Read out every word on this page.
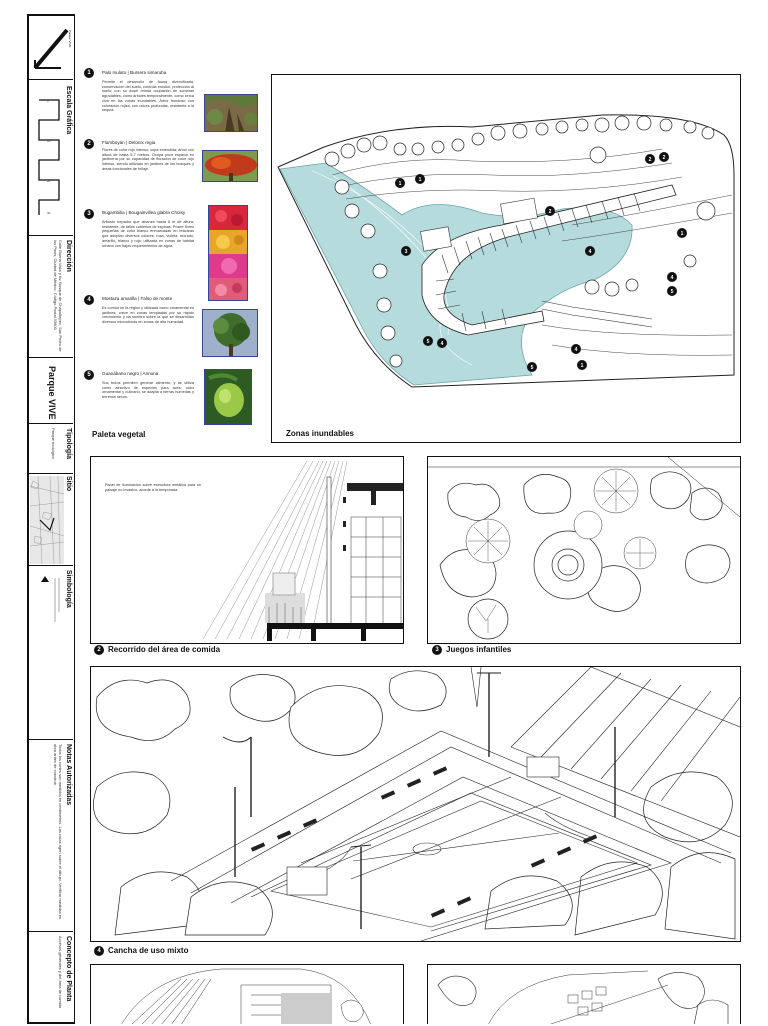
Parque VIVE
0
10
20
30
Escala Gráfica
Dirección
Calle Buena Vista y Av. Bosque de Chapultepec, San Pedro de los Pinos, Ciudad de México. Código Postal 03800
Parque VIVE
Tipología
Parque ecológico
Sitio
Simbología
Notas Autorizadas
Todos los cortes son medidos en centímetros. Las cotas rigen sobre el dibujo. Verificar medidas en obra antes de construir.
Concepto de Planta
Accesos generales y del área de comida
1	Palo mulato | Bursera simaruba
Permite el desarrollo de fauna diversificada, conservación del suelo, controla erosión, protección al suelo; con su dosel brinda ocupación de sombras agradables, como árboles temporalmente, como cerca viva en las zonas inundables. Árbol frondoso con coloración rojiza, con raíces profundas, resistente a la sequía.
2	Flamboyán | Delonix regia
Flores de color rojo intenso; copa extendida; árbol con altura de hasta 5-7 metros. Ocupa poco espacio en jardinería por su capacidad de floración de color rojo intenso, siendo utilizado en jardines de los bosques y áreas funcionales de follaje.
3	Bugambilia | Bougainvillea glabra Choisy
Arbusto trepador que alcanza hasta 8 m de altura; resistente, de tallos cubiertos de espinas. Posee flores pequeñas de color blanco enmarcadas en brácteas que adoptan diversos colores: rosa, violeta, morado, amarillo, blanco y rojo; utilizada en zonas de hábitat urbano con bajos requerimientos de agua.
4	Mostaza amarilla | Falso de monte
Es común en la región y utilizada como ornamental en jardines; crece en zonas templadas por su rápido crecimiento y da sombra sobre la que se desarrollan diversos microclimas en zonas de alta humedad.
5	Guanábano negro | Annona
Sus frutos permiten generar alimento, y se utiliza como atractivo de especies para aves; valor ornamental y culinario; se adapta a tierras húmedas y terrenos secos.
Paleta vegetal
1
1
2 2
2
1
3	4
4
5
5 4
4
1
5
Zonas inundables
Panel de iluminación sobre estructura metálica para un paisaje no invasivo, acorde a la temporada.
2 Recorrido del área de comida	3 Juegos infantiles
4 Cancha de uso mixto
